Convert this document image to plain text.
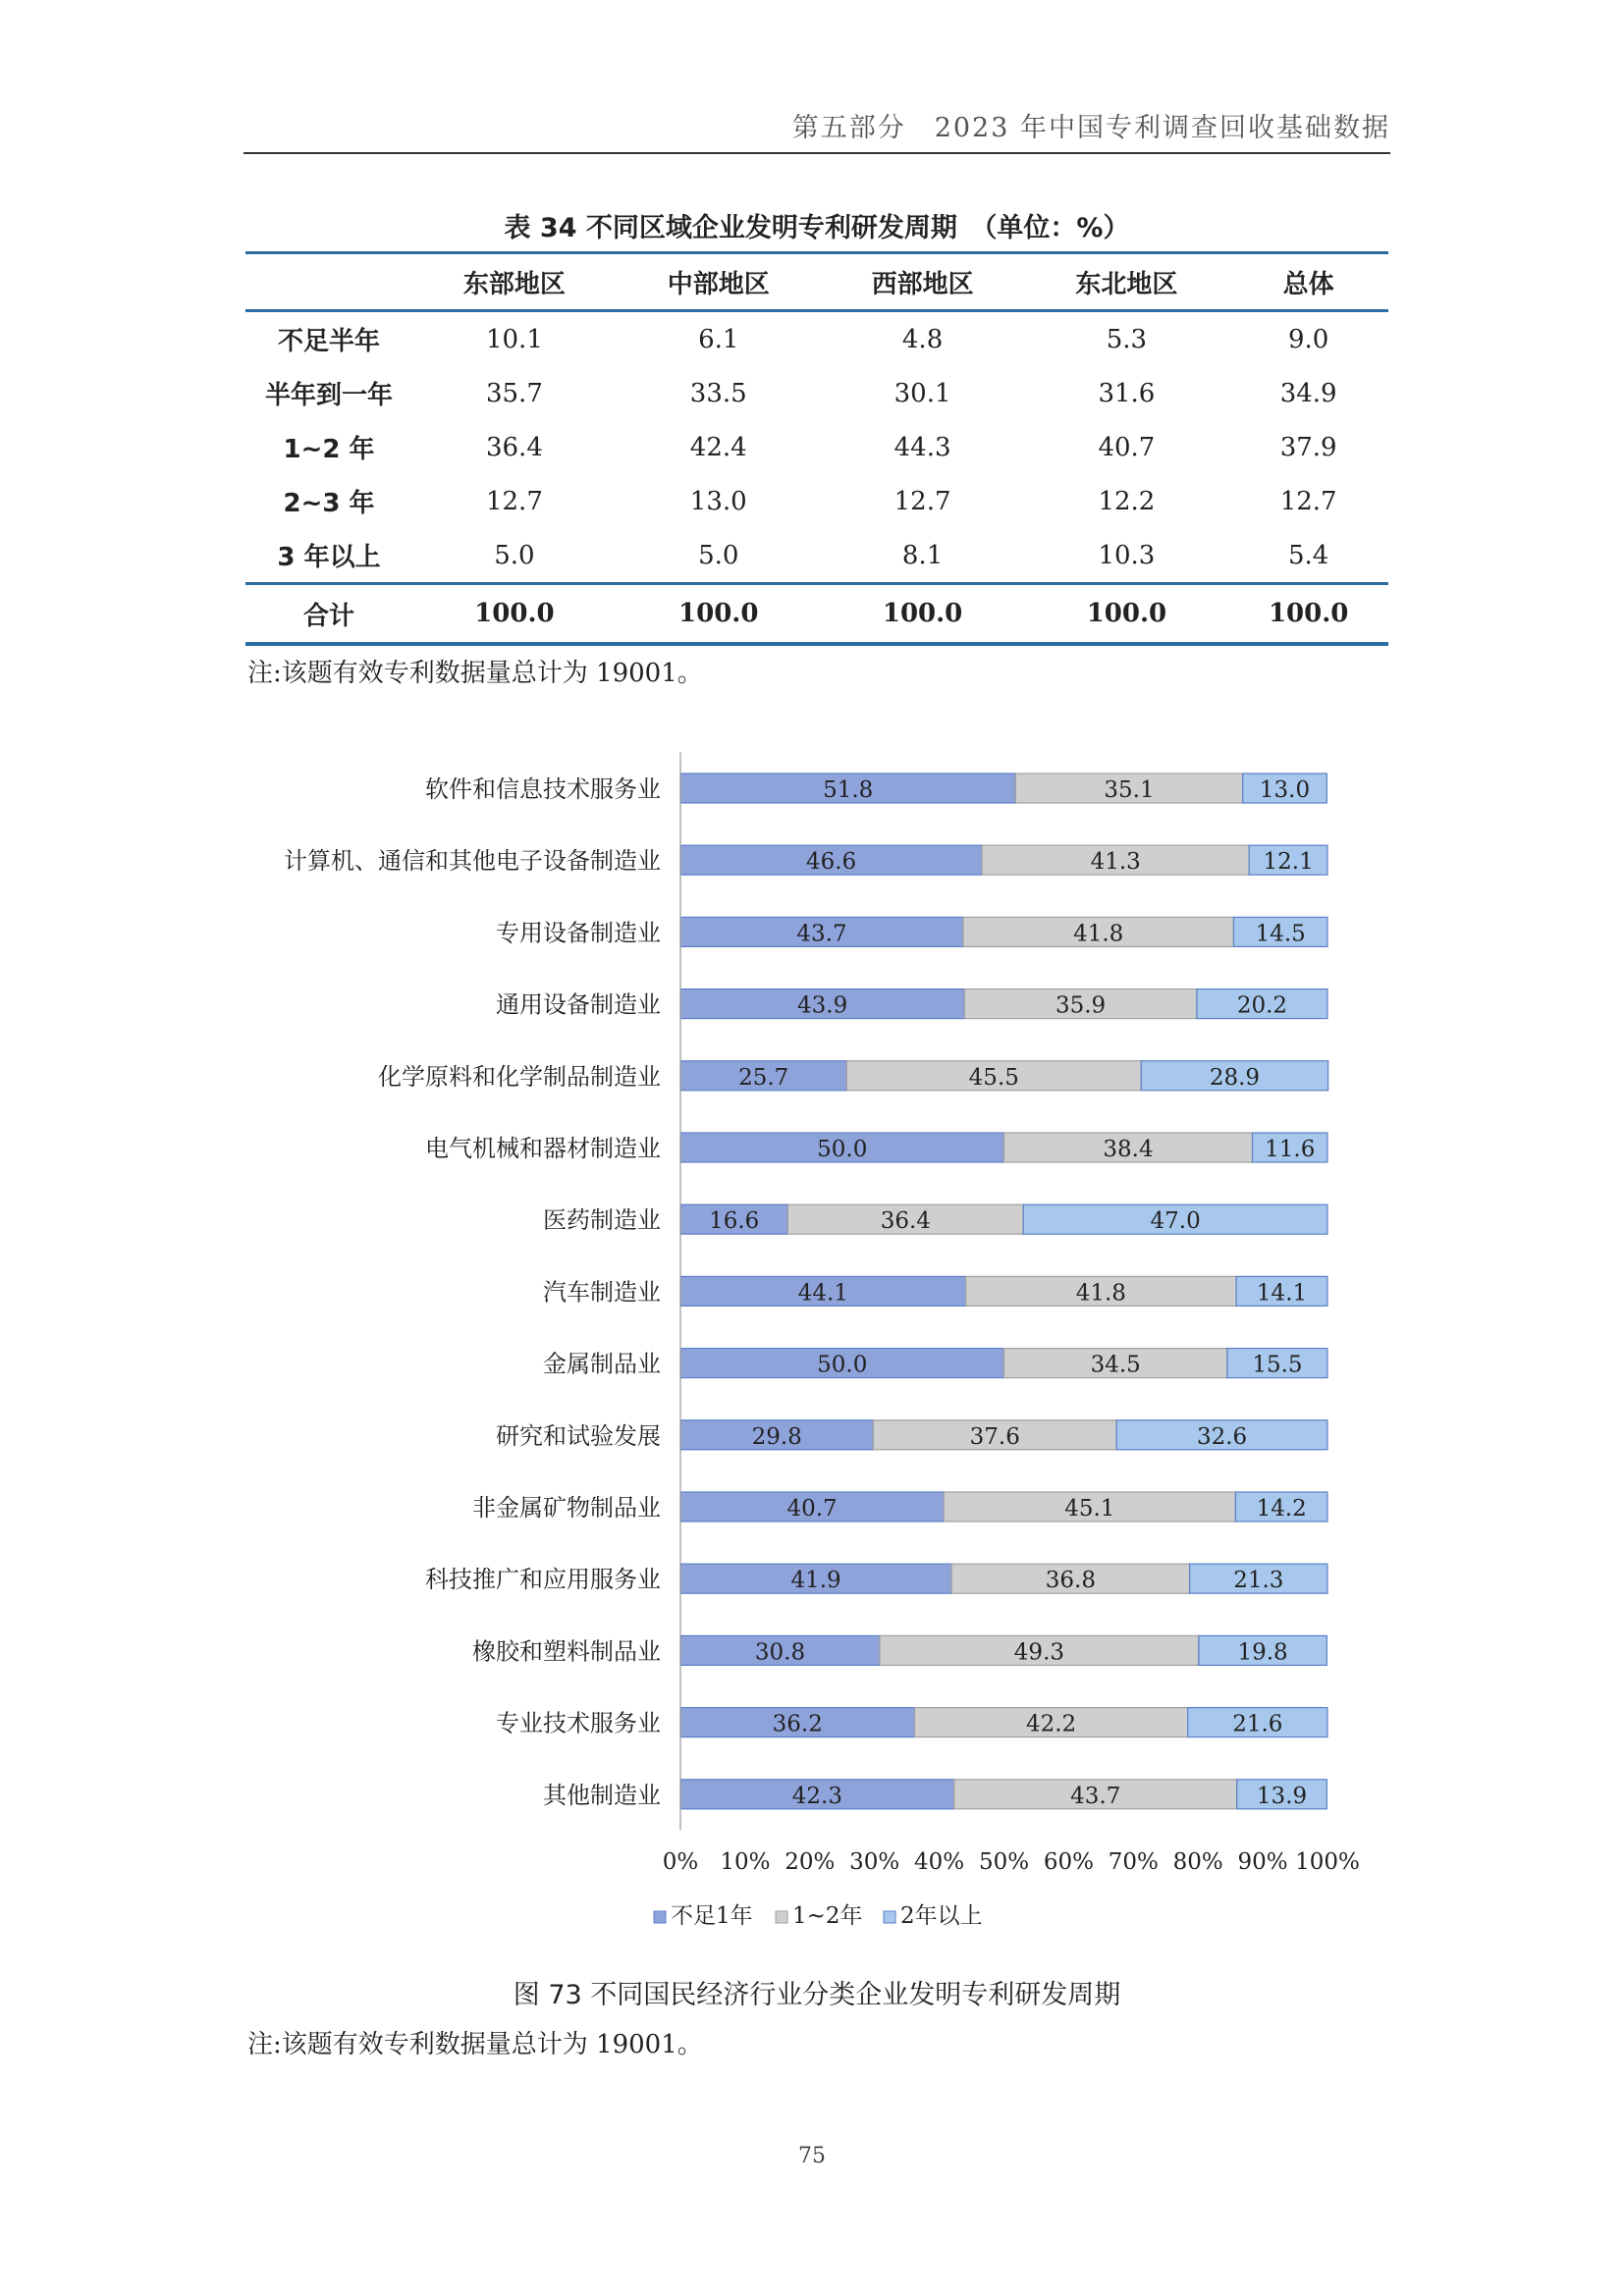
第五部分　2023 年中国专利调查回收基础数据
表 34 不同区域企业发明专利研发周期　（单位：%）
	东部地区	中部地区	西部地区	东北地区	总体
不足半年	10.1	6.1	4.8	5.3	9.0
半年到一年	35.7	33.5	30.1	31.6	34.9
1~2 年	36.4	42.4	44.3	40.7	37.9
2~3 年	12.7	13.0	12.7	12.2	12.7
3 年以上	5.0	5.0	8.1	10.3	5.4
合计	100.0	100.0	100.0	100.0	100.0
注:该题有效专利数据量总计为 19001。
软件和信息技术服务业	51.8	35.1	13.0
计算机、通信和其他电子设备制造业	46.6	41.3	12.1
专用设备制造业	43.7	41.8	14.5
通用设备制造业	43.9	35.9	20.2
化学原料和化学制品制造业	25.7	45.5	28.9
电气机械和器材制造业	50.0	38.4	11.6
医药制造业 16.6	36.4	47.0
汽车制造业	44.1	41.8	14.1
金属制品业	50.0	34.5	15.5
研究和试验发展	29.8	37.6	32.6
非金属矿物制品业	40.7	45.1	14.2
科技推广和应用服务业	41.9	36.8	21.3
橡胶和塑料制品业	30.8	49.3	19.8
专业技术服务业	36.2	42.2	21.6
其他制造业	42.3	43.7	13.9
0% 10% 20% 30% 40% 50% 60% 70% 80% 90% 100%
不足1年 1~2年 2年以上
图 73 不同国民经济行业分类企业发明专利研发周期
注:该题有效专利数据量总计为 19001。
75
